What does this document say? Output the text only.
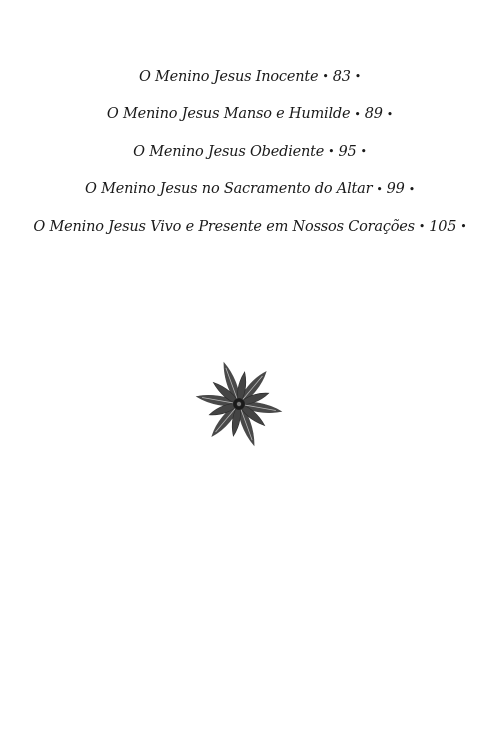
O Menino Jesus Inocente • 83 •
O Menino Jesus Manso e Humilde • 89 •
O Menino Jesus Obediente • 95 •
O Menino Jesus no Sacramento do Altar • 99 •
O Menino Jesus Vivo e Presente em Nossos Corações • 105 •
